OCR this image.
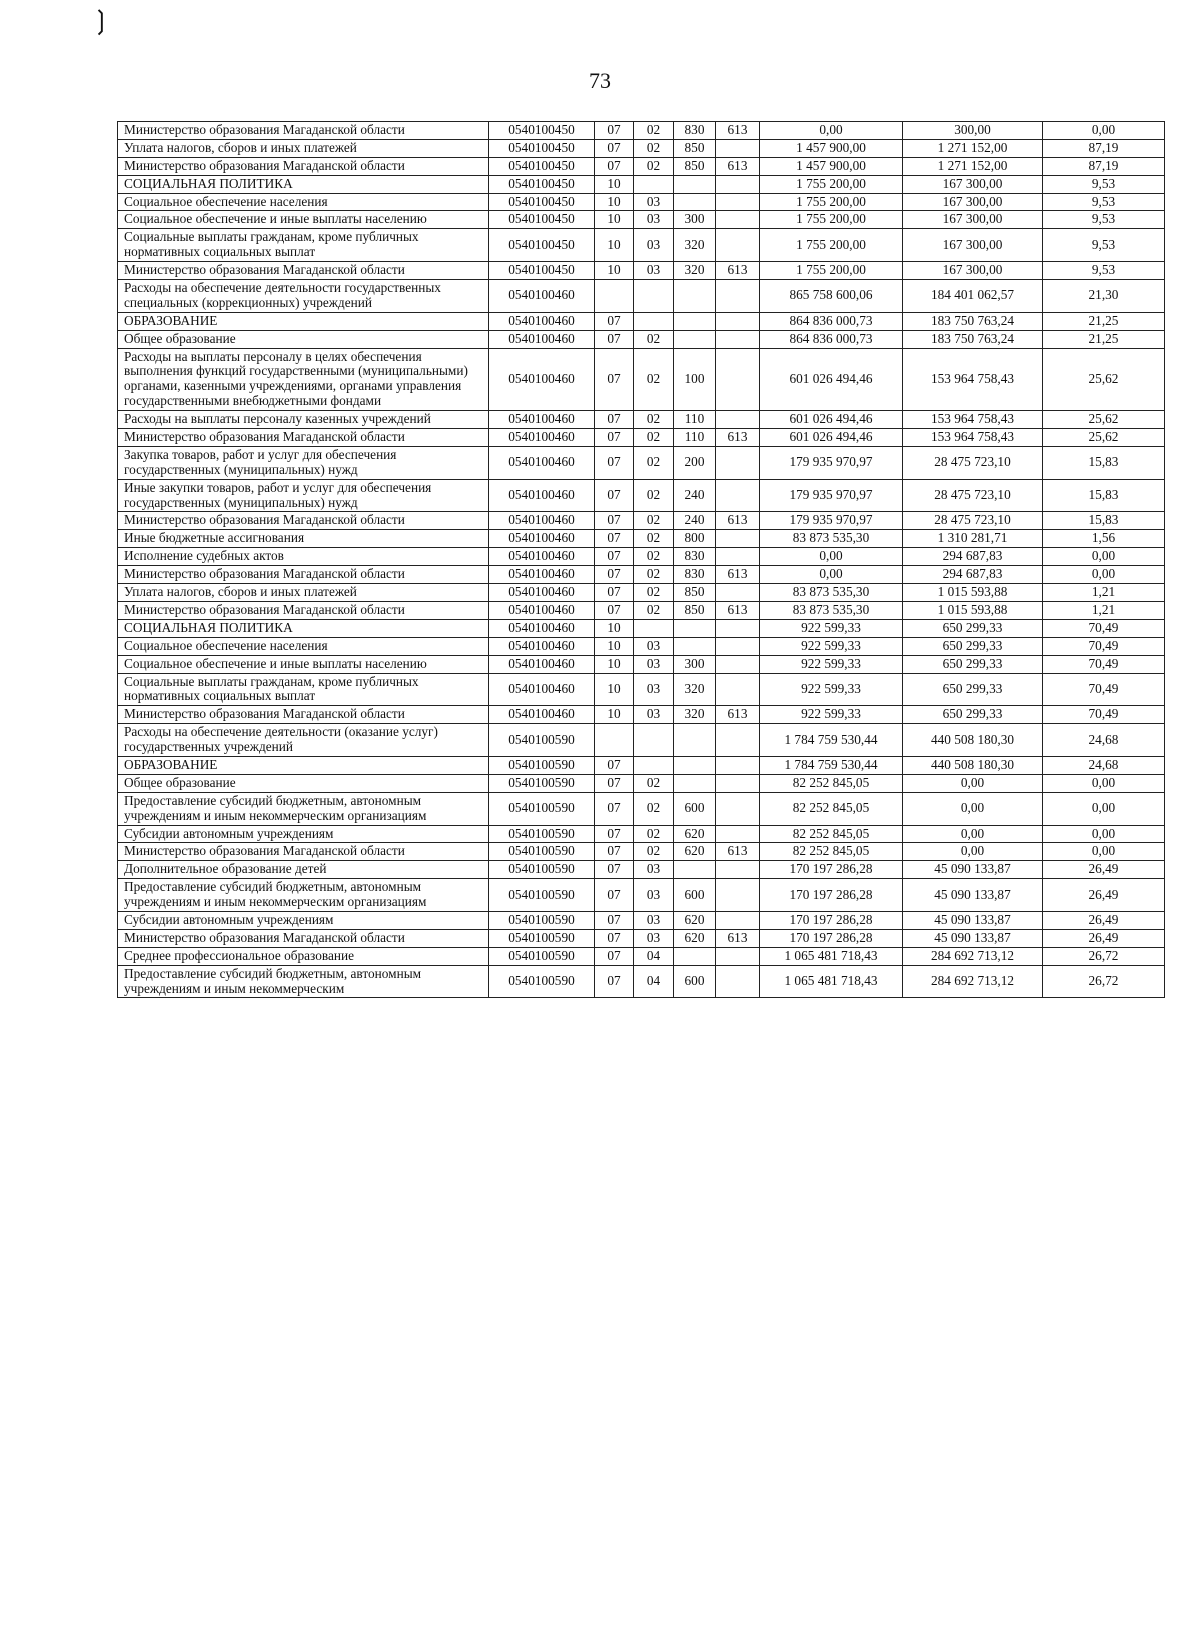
❳
73
Министерство образования Магаданской области	0540100450	07	02	830	613	0,00	300,00	0,00
Уплата налогов, сборов и иных платежей	0540100450	07	02	850		1 457 900,00	1 271 152,00	87,19
Министерство образования Магаданской области	0540100450	07	02	850	613	1 457 900,00	1 271 152,00	87,19
СОЦИАЛЬНАЯ ПОЛИТИКА	0540100450	10				1 755 200,00	167 300,00	9,53
Социальное обеспечение населения	0540100450	10	03			1 755 200,00	167 300,00	9,53
Социальное обеспечение и иные выплаты населению	0540100450	10	03	300		1 755 200,00	167 300,00	9,53
Социальные выплаты гражданам, кроме публичных нормативных социальных выплат	0540100450	10	03	320		1 755 200,00	167 300,00	9,53
Министерство образования Магаданской области	0540100450	10	03	320	613	1 755 200,00	167 300,00	9,53
Расходы на обеспечение деятельности государственных специальных (коррекционных) учреждений	0540100460					865 758 600,06	184 401 062,57	21,30
ОБРАЗОВАНИЕ	0540100460	07				864 836 000,73	183 750 763,24	21,25
Общее образование	0540100460	07	02			864 836 000,73	183 750 763,24	21,25
Расходы на выплаты персоналу в целях обеспечения выполнения функций государственными (муниципальными) органами, казенными учреждениями, органами управления государственными внебюджетными фондами	0540100460	07	02	100		601 026 494,46	153 964 758,43	25,62
Расходы на выплаты персоналу казенных учреждений	0540100460	07	02	110		601 026 494,46	153 964 758,43	25,62
Министерство образования Магаданской области	0540100460	07	02	110	613	601 026 494,46	153 964 758,43	25,62
Закупка товаров, работ и услуг для обеспечения государственных (муниципальных) нужд	0540100460	07	02	200		179 935 970,97	28 475 723,10	15,83
Иные закупки товаров, работ и услуг для обеспечения государственных (муниципальных) нужд	0540100460	07	02	240		179 935 970,97	28 475 723,10	15,83
Министерство образования Магаданской области	0540100460	07	02	240	613	179 935 970,97	28 475 723,10	15,83
Иные бюджетные ассигнования	0540100460	07	02	800		83 873 535,30	1 310 281,71	1,56
Исполнение судебных актов	0540100460	07	02	830		0,00	294 687,83	0,00
Министерство образования Магаданской области	0540100460	07	02	830	613	0,00	294 687,83	0,00
Уплата налогов, сборов и иных платежей	0540100460	07	02	850		83 873 535,30	1 015 593,88	1,21
Министерство образования Магаданской области	0540100460	07	02	850	613	83 873 535,30	1 015 593,88	1,21
СОЦИАЛЬНАЯ ПОЛИТИКА	0540100460	10				922 599,33	650 299,33	70,49
Социальное обеспечение населения	0540100460	10	03			922 599,33	650 299,33	70,49
Социальное обеспечение и иные выплаты населению	0540100460	10	03	300		922 599,33	650 299,33	70,49
Социальные выплаты гражданам, кроме публичных нормативных социальных выплат	0540100460	10	03	320		922 599,33	650 299,33	70,49
Министерство образования Магаданской области	0540100460	10	03	320	613	922 599,33	650 299,33	70,49
Расходы на обеспечение деятельности (оказание услуг) государственных учреждений	0540100590					1 784 759 530,44	440 508 180,30	24,68
ОБРАЗОВАНИЕ	0540100590	07				1 784 759 530,44	440 508 180,30	24,68
Общее образование	0540100590	07	02			82 252 845,05	0,00	0,00
Предоставление субсидий бюджетным, автономным учреждениям и иным некоммерческим организациям	0540100590	07	02	600		82 252 845,05	0,00	0,00
Субсидии автономным учреждениям	0540100590	07	02	620		82 252 845,05	0,00	0,00
Министерство образования Магаданской области	0540100590	07	02	620	613	82 252 845,05	0,00	0,00
Дополнительное образование детей	0540100590	07	03			170 197 286,28	45 090 133,87	26,49
Предоставление субсидий бюджетным, автономным учреждениям и иным некоммерческим организациям	0540100590	07	03	600		170 197 286,28	45 090 133,87	26,49
Субсидии автономным учреждениям	0540100590	07	03	620		170 197 286,28	45 090 133,87	26,49
Министерство образования Магаданской области	0540100590	07	03	620	613	170 197 286,28	45 090 133,87	26,49
Среднее профессиональное образование	0540100590	07	04			1 065 481 718,43	284 692 713,12	26,72
Предоставление субсидий бюджетным, автономным учреждениям и иным некоммерческим	0540100590	07	04	600		1 065 481 718,43	284 692 713,12	26,72
